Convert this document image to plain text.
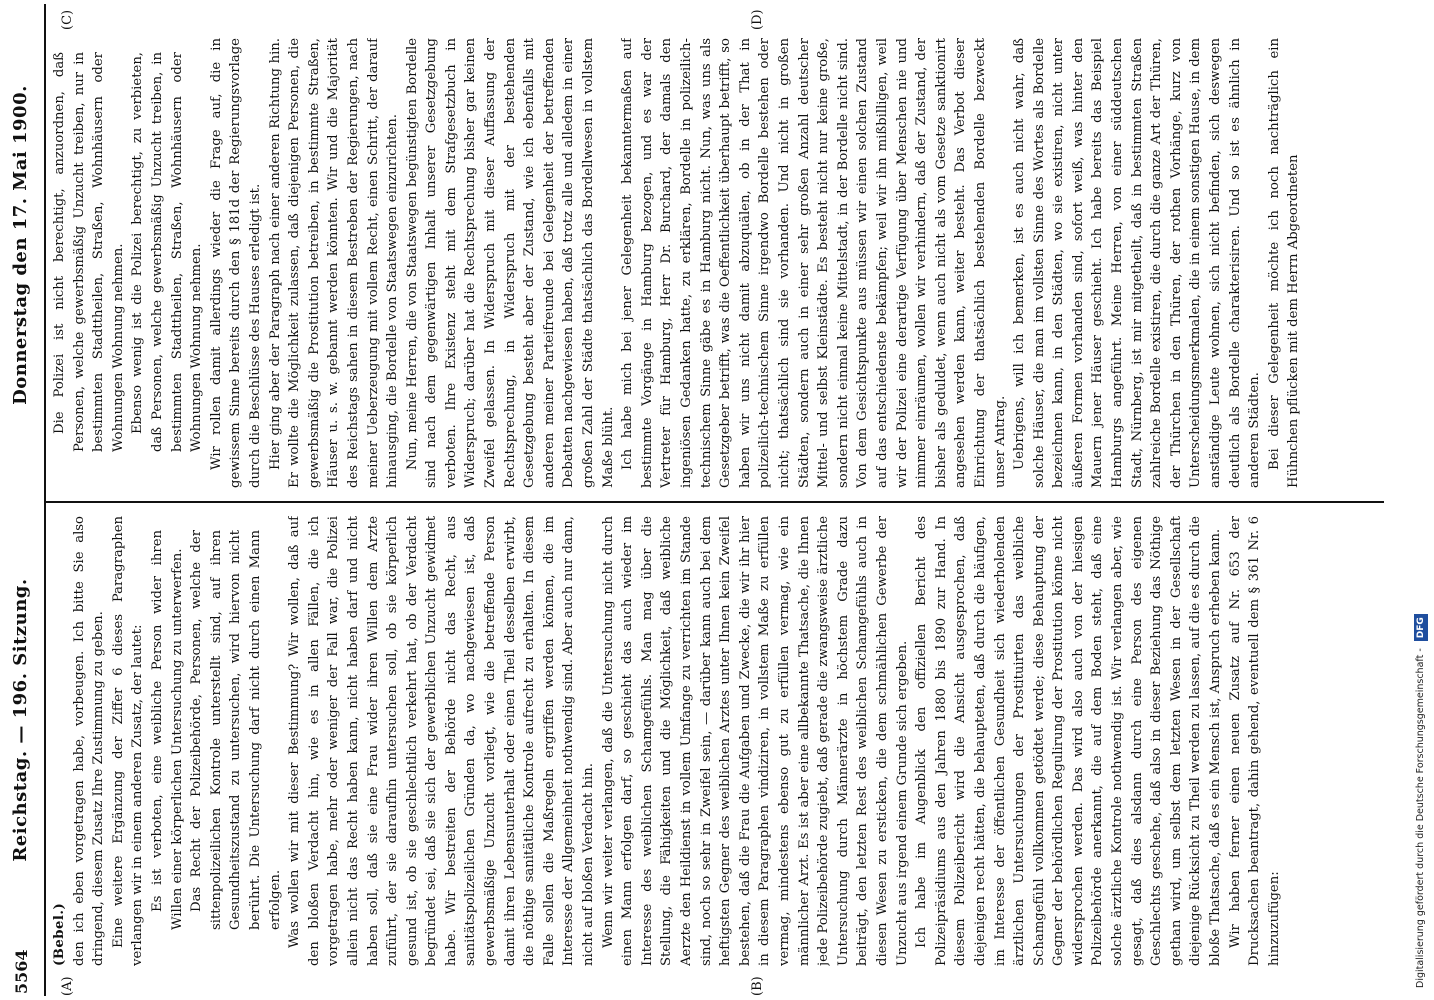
5564
Reichstag. — 196. Sitzung.
Donnerstag den 17. Mai 1900.
(A)	(B)
(C)	(D)

(Bebel.) den ich eben vorgetragen habe, vorbeugen. Ich bitte Sie also dringend, diesem Zusatz Ihre Zustimmung zu geben. Eine weitere Ergänzung der Ziffer 6 dieses Paragraphen verlangen wir in einem anderen Zusatz, der lautet: Es ist verboten, eine weibliche Person wider ihren Willen einer körperlichen Untersuchung zu unterwerfen. Das Recht der Polizeibehörde, Personen, welche der sittenpolizeilichen Kontrole unterstellt sind, auf ihren Gesundheitszustand zu untersuchen, wird hiervon nicht berührt. Die Untersuchung darf nicht durch einen Mann erfolgen. Was wollen wir mit dieser Bestimmung? Wir wollen, daß auf den bloßen Verdacht hin, wie es in allen Fällen, die ich vorgetragen habe, mehr oder weniger der Fall war, die Polizei allein nicht das Recht haben kann, nicht haben darf und nicht haben soll, daß sie eine Frau wider ihren Willen dem Arzte zuführt, der sie daraufhin untersuchen soll, ob sie körperlich gesund ist, ob sie geschlechtlich verkehrt hat, ob der Verdacht begründet sei, daß sie sich der gewerblichen Unzucht gewidmet habe. Wir bestreiten der Behörde nicht das Recht, aus sanitätspolizeilichen Gründen da, wo nachgewiesen ist, daß gewerbsmäßige Unzucht vorliegt, wie die betreffende Person damit ihren Lebensunterhalt oder einen Theil desselben erwirbt, die nöthige sanitätliche Kontrole aufrecht zu erhalten. In diesem Falle sollen die Maßregeln ergriffen werden können, die im Interesse der Allgemeinheit nothwendig sind. Aber auch nur dann, nicht auf bloßen Verdacht hin. Wenn wir weiter verlangen, daß die Untersuchung nicht durch einen Mann erfolgen darf, so geschieht das auch wieder im Interesse des weiblichen Schamgefühls. Man mag über die Stellung, die Fähigkeiten und die Möglichkeit, daß weibliche Aerzte den Heildienst in vollem Umfange zu verrichten im Stande sind, noch so sehr in Zweifel sein, — darüber kann auch bei dem heftigsten Gegner des weiblichen Arztes unter Ihnen kein Zweifel bestehen, daß die Frau die Aufgaben und Zwecke, die wir ihr hier in diesem Paragraphen vindiziren, in vollstem Maße zu erfüllen vermag, mindestens ebenso gut zu erfüllen vermag, wie ein männlicher Arzt. Es ist aber eine allbekannte Thatsache, die Ihnen jede Polizeibehörde zugiebt, daß gerade die zwangsweise ärztliche Untersuchung durch Männerärzte in höchstem Grade dazu beiträgt, den letzten Rest des weiblichen Schamgefühls auch in diesen Wesen zu ersticken, die dem schmählichen Gewerbe der Unzucht aus irgend einem Grunde sich ergeben. Ich habe im Augenblick den offiziellen Bericht des Polizeipräsidiums aus den Jahren 1880 bis 1890 zur Hand. In diesem Polizeibericht wird die Ansicht ausgesprochen, daß diejenigen recht hätten, die behaupteten, daß durch die häufigen, im Interesse der öffentlichen Gesundheit sich wiederholenden ärztlichen Untersuchungen der Prostituirten das weibliche Schamgefühl vollkommen getödtet werde; diese Behauptung der Gegner der behördlichen Regulirung der Prostitution könne nicht widersprochen werden. Das wird also auch von der hiesigen Polizeibehörde anerkannt, die auf dem Boden steht, daß eine solche ärztliche Kontrole nothwendig ist. Wir verlangen aber, wie gesagt, daß dies alsdann durch eine Person des eigenen Geschlechts geschehe, daß also in dieser Beziehung das Nöthige gethan wird, um selbst dem letzten Wesen in der Gesellschaft diejenige Rücksicht zu Theil werden zu lassen, auf die es durch die bloße Thatsache, daß es ein Mensch ist, Anspruch erheben kann. Wir haben ferner einen neuen Zusatz auf Nr. 653 der Drucksachen beantragt, dahin gehend, eventuell dem § 361 Nr. 6 hinzuzufügen:

Die Polizei ist nicht berechtigt, anzuordnen, daß Personen, welche gewerbsmäßig Unzucht treiben, nur in bestimmten Stadttheilen, Straßen, Wohnhäusern oder Wohnungen Wohnung nehmen. Ebenso wenig ist die Polizei berechtigt, zu verbieten, daß Personen, welche gewerbsmäßig Unzucht treiben, in bestimmten Stadttheilen, Straßen, Wohnhäusern oder Wohnungen Wohnung nehmen. Wir rollen damit allerdings wieder die Frage auf, die in gewissem Sinne bereits durch den § 181d der Regierungsvorlage durch die Beschlüsse des Hauses erledigt ist. Hier ging aber der Paragraph nach einer anderen Richtung hin. Er wollte die Möglichkeit zulassen, daß diejenigen Personen, die gewerbsmäßig die Prostitution betreiben, in bestimmte Straßen, Häuser u. s. w. gebannt werden könnten. Wir und die Majorität des Reichstags sahen in diesem Bestreben der Regierungen, nach meiner Ueberzeugung mit vollem Recht, einen Schritt, der darauf hinausging, die Bordelle von Staatswegen einzurichten. Nun, meine Herren, die von Staatswegen begünstigten Bordelle sind nach dem gegenwärtigen Inhalt unserer Gesetzgebung verboten. Ihre Existenz steht mit dem Strafgesetzbuch in Widerspruch; darüber hat die Rechtsprechung bisher gar keinen Zweifel gelassen. In Widerspruch mit dieser Auffassung der Rechtsprechung, in Widerspruch mit der bestehenden Gesetzgebung besteht aber der Zustand, wie ich ebenfalls mit anderen meiner Parteifreunde bei Gelegenheit der betreffenden Debatten nachgewiesen haben, daß trotz alle und alledem in einer großen Zahl der Städte thatsächlich das Bordellwesen in vollstem Maße blüht. Ich habe mich bei jener Gelegenheit bekanntermaßen auf bestimmte Vorgänge in Hamburg bezogen, und es war der Vertreter für Hamburg, Herr Dr. Burchard, der damals den ingeniösen Gedanken hatte, zu erklären, Bordelle in polizeilich-technischem Sinne gäbe es in Hamburg nicht. Nun, was uns als Gesetzgeber betrifft, was die Oeffentlichkeit überhaupt betrifft, so haben wir uns nicht damit abzuquälen, ob in der That in polizeilich-technischem Sinne irgendwo Bordelle bestehen oder nicht; thatsächlich sind sie vorhanden. Und nicht in großen Städten, sondern auch in einer sehr großen Anzahl deutscher Mittel- und selbst Kleinstädte. Es besteht nicht nur keine große, sondern nicht einmal keine Mittelstadt, in der Bordelle nicht sind. Von dem Gesichtspunkte aus müssen wir einen solchen Zustand auf das entschiedenste bekämpfen; weil wir ihn mißbilligen, weil wir der Polizei eine derartige Verfügung über Menschen nie und nimmer einräumen, wollen wir verhindern, daß der Zustand, der bisher als geduldet, wenn auch nicht als vom Gesetze sanktionirt angesehen werden kann, weiter besteht. Das Verbot dieser Einrichtung der thatsächlich bestehenden Bordelle bezweckt unser Antrag. Uebrigens, will ich bemerken, ist es auch nicht wahr, daß solche Häuser, die man im vollsten Sinne des Wortes als Bordelle bezeichnen kann, in den Städten, wo sie existiren, nicht unter äußeren Formen vorhanden sind, sofort weiß, was hinter den Mauern jener Häuser geschieht. Ich habe bereits das Beispiel Hamburgs angeführt. Meine Herren, von einer süddeutschen Stadt, Nürnberg, ist mir mitgetheilt, daß in bestimmten Straßen zahlreiche Bordelle existiren, die durch die ganze Art der Thüren, der Thürchen in den Thüren, der rothen Vorhänge, kurz von Unterscheidungsmerkmalen, die in einem sonstigen Hause, in dem anständige Leute wohnen, sich nicht befinden, sich deswegen deutlich als Bordelle charakterisiren. Und so ist es ähnlich in anderen Städten. Bei dieser Gelegenheit möchte ich noch nachträglich ein Hühnchen pflücken mit dem Herrn Abgeordneten

Digitalisierung gefördert durch die Deutsche Forschungsgemeinschaft - DFG
